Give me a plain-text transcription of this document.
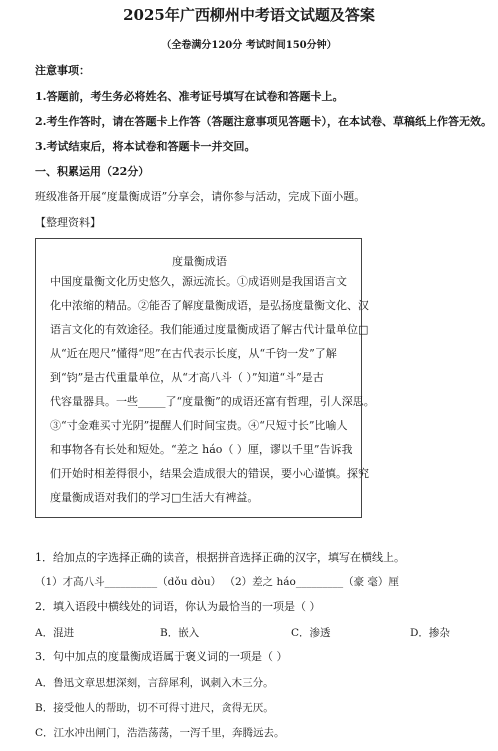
2025年广西柳州中考语文试题及答案
（全卷满分120分 考试时间150分钟）
注意事项：
1.答题前，考生务必将姓名、准考证号填写在试卷和答题卡上。
2.考生作答时，请在答题卡上作答（答题注意事项见答题卡），在本试卷、草稿纸上作答无效。
3.考试结束后，将本试卷和答题卡一并交回。
一、积累运用（22分）
班级准备开展“度量衡成语”分享会，请你参与活动，完成下面小题。
【整理资料】
度量衡成语
中国度量衡文化历史悠久，源远流长。①成语则是我国语言文
化中浓缩的精品。②能否了解度量衡成语，是弘扬度量衡文化、汉
语言文化的有效途径。我们能通过度量衡成语了解古代计量单位□
从“近在咫尺”懂得“咫”在古代表示长度，从“千钧一发”了解
到“钧”是古代重量单位，从“才高八斗（ ）”知道“斗”是古
代容量器具。一些_____了“度量衡”的成语还富有哲理，引人深思。
③“寸金难买寸光阴”提醒人们时间宝贵。④“尺短寸长”比喻人
和事物各有长处和短处。“差之 háo（ ）厘，谬以千里”告诉我
们开始时相差得很小，结果会造成很大的错误，要小心谨慎。探究
度量衡成语对我们的学习□生活大有裨益。
1．给加点的字选择正确的读音，根据拼音选择正确的汉字，填写在横线上。
（1）才高八斗__________（dǒu dòu） （2）差之 háo_________（豪 毫）厘
2．填入语段中横线处的词语，你认为最恰当的一项是（ ）
A．混进	B．嵌入	C．渗透	D．掺杂
3．句中加点的度量衡成语属于褒义词的一项是（ ）
A．鲁迅文章思想深刻，言辞犀利，讽刺入木三分。
B．接受他人的帮助，切不可得寸进尺，贪得无厌。
C．江水冲出闸门，浩浩荡荡，一泻千里，奔腾远去。
